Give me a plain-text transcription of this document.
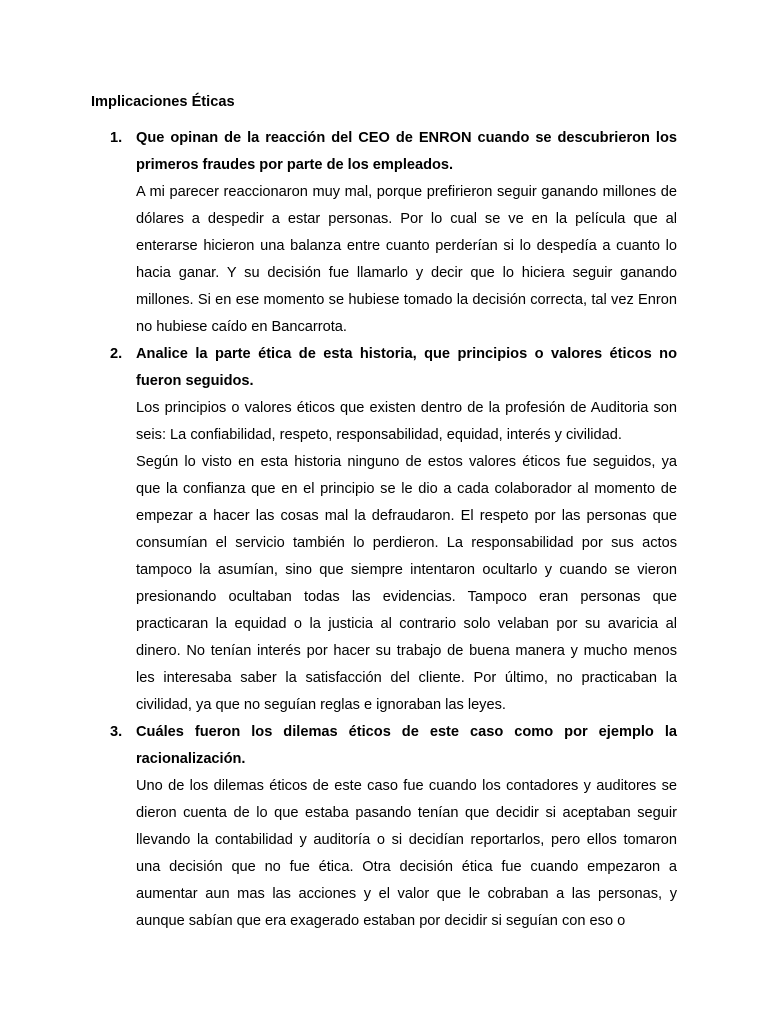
Implicaciones Éticas
1. Que opinan de la reacción del CEO de ENRON cuando se descubrieron los primeros fraudes por parte de los empleados.

A mi parecer reaccionaron muy mal, porque prefirieron seguir ganando millones de dólares a despedir a estar personas. Por lo cual se ve en la película que al enterarse hicieron una balanza entre cuanto perderían si lo despedía a cuanto lo hacia ganar. Y su decisión fue llamarlo y decir que lo hiciera seguir ganando millones. Si en ese momento se hubiese tomado la decisión correcta, tal vez Enron no hubiese caído en Bancarrota.

2. Analice la parte ética de esta historia, que principios o valores éticos no fueron seguidos.

Los principios o valores éticos que existen dentro de la profesión de Auditoria son seis: La confiabilidad, respeto, responsabilidad, equidad, interés y civilidad.

Según lo visto en esta historia ninguno de estos valores éticos fue seguidos, ya que la confianza que en el principio se le dio a cada colaborador al momento de empezar a hacer las cosas mal la defraudaron. El respeto por las personas que consumían el servicio también lo perdieron. La responsabilidad por sus actos tampoco la asumían, sino que siempre intentaron ocultarlo y cuando se vieron presionando ocultaban todas las evidencias. Tampoco eran personas que practicaran la equidad o la justicia al contrario solo velaban por su avaricia al dinero. No tenían interés por hacer su trabajo de buena manera y mucho menos les interesaba saber la satisfacción del cliente. Por último, no practicaban la civilidad, ya que no seguían reglas e ignoraban las leyes.

3. Cuáles fueron los dilemas éticos de este caso como por ejemplo la racionalización.

Uno de los dilemas éticos de este caso fue cuando los contadores y auditores se dieron cuenta de lo que estaba pasando tenían que decidir si aceptaban seguir llevando la contabilidad y auditoría o si decidían reportarlos, pero ellos tomaron una decisión que no fue ética. Otra decisión ética fue cuando empezaron a aumentar aun mas las acciones y el valor que le cobraban a las personas, y aunque sabían que era exagerado estaban por decidir si seguían con eso o
